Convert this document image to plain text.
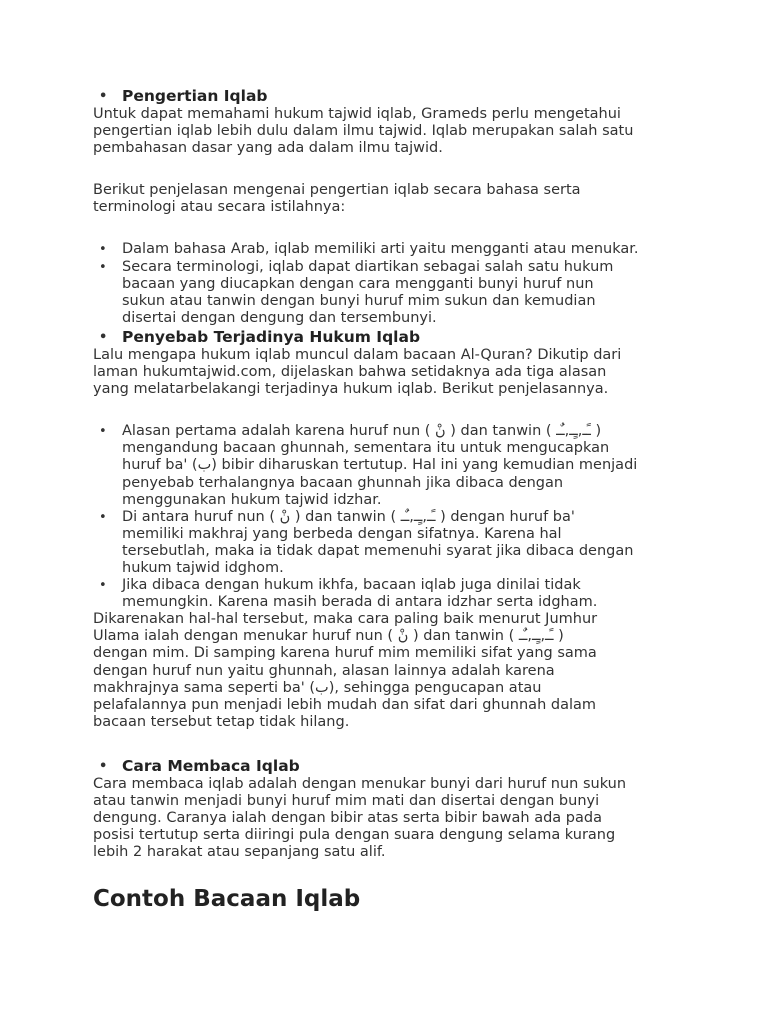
• Pengertian Iqlab
Untuk dapat memahami hukum tajwid iqlab, Grameds perlu mengetahui
pengertian iqlab lebih dulu dalam ilmu tajwid. Iqlab merupakan salah satu
pembahasan dasar yang ada dalam ilmu tajwid.
Berikut penjelasan mengenai pengertian iqlab secara bahasa serta
terminologi atau secara istilahnya:
• Dalam bahasa Arab, iqlab memiliki arti yaitu mengganti atau menukar.
• Secara terminologi, iqlab dapat diartikan sebagai salah satu hukum
bacaan yang diucapkan dengan cara mengganti bunyi huruf nun
sukun atau tanwin dengan bunyi huruf mim sukun dan kemudian
disertai dengan dengung dan tersembunyi.
• Penyebab Terjadinya Hukum Iqlab
Lalu mengapa hukum iqlab muncul dalam bacaan Al-Quran? Dikutip dari
laman hukumtajwid.com, dijelaskan bahwa setidaknya ada tiga alasan
yang melatarbelakangi terjadinya hukum iqlab. Berikut penjelasannya.
• Alasan pertama adalah karena huruf nun ( نْ ) dan tanwin ( ـًـ,ـٍـ,ـٌـ )
mengandung bacaan ghunnah, sementara itu untuk mengucapkan
huruf ba' (ب) bibir diharuskan tertutup. Hal ini yang kemudian menjadi
penyebab terhalangnya bacaan ghunnah jika dibaca dengan
menggunakan hukum tajwid idzhar.
• Di antara huruf nun ( نْ ) dan tanwin ( ـًـ,ـٍـ,ـٌـ ) dengan huruf ba'
memiliki makhraj yang berbeda dengan sifatnya. Karena hal
tersebutlah, maka ia tidak dapat memenuhi syarat jika dibaca dengan
hukum tajwid idghom.
• Jika dibaca dengan hukum ikhfa, bacaan iqlab juga dinilai tidak
memungkin. Karena masih berada di antara idzhar serta idgham.
Dikarenakan hal-hal tersebut, maka cara paling baik menurut Jumhur
Ulama ialah dengan menukar huruf nun ( نْ ) dan tanwin ( ـًـ,ـٍـ,ـٌـ )
dengan mim. Di samping karena huruf mim memiliki sifat yang sama
dengan huruf nun yaitu ghunnah, alasan lainnya adalah karena
makhrajnya sama seperti ba' (ب), sehingga pengucapan atau
pelafalannya pun menjadi lebih mudah dan sifat dari ghunnah dalam
bacaan tersebut tetap tidak hilang.
• Cara Membaca Iqlab
Cara membaca iqlab adalah dengan menukar bunyi dari huruf nun sukun
atau tanwin menjadi bunyi huruf mim mati dan disertai dengan bunyi
dengung. Caranya ialah dengan bibir atas serta bibir bawah ada pada
posisi tertutup serta diiringi pula dengan suara dengung selama kurang
lebih 2 harakat atau sepanjang satu alif.
Contoh Bacaan Iqlab
